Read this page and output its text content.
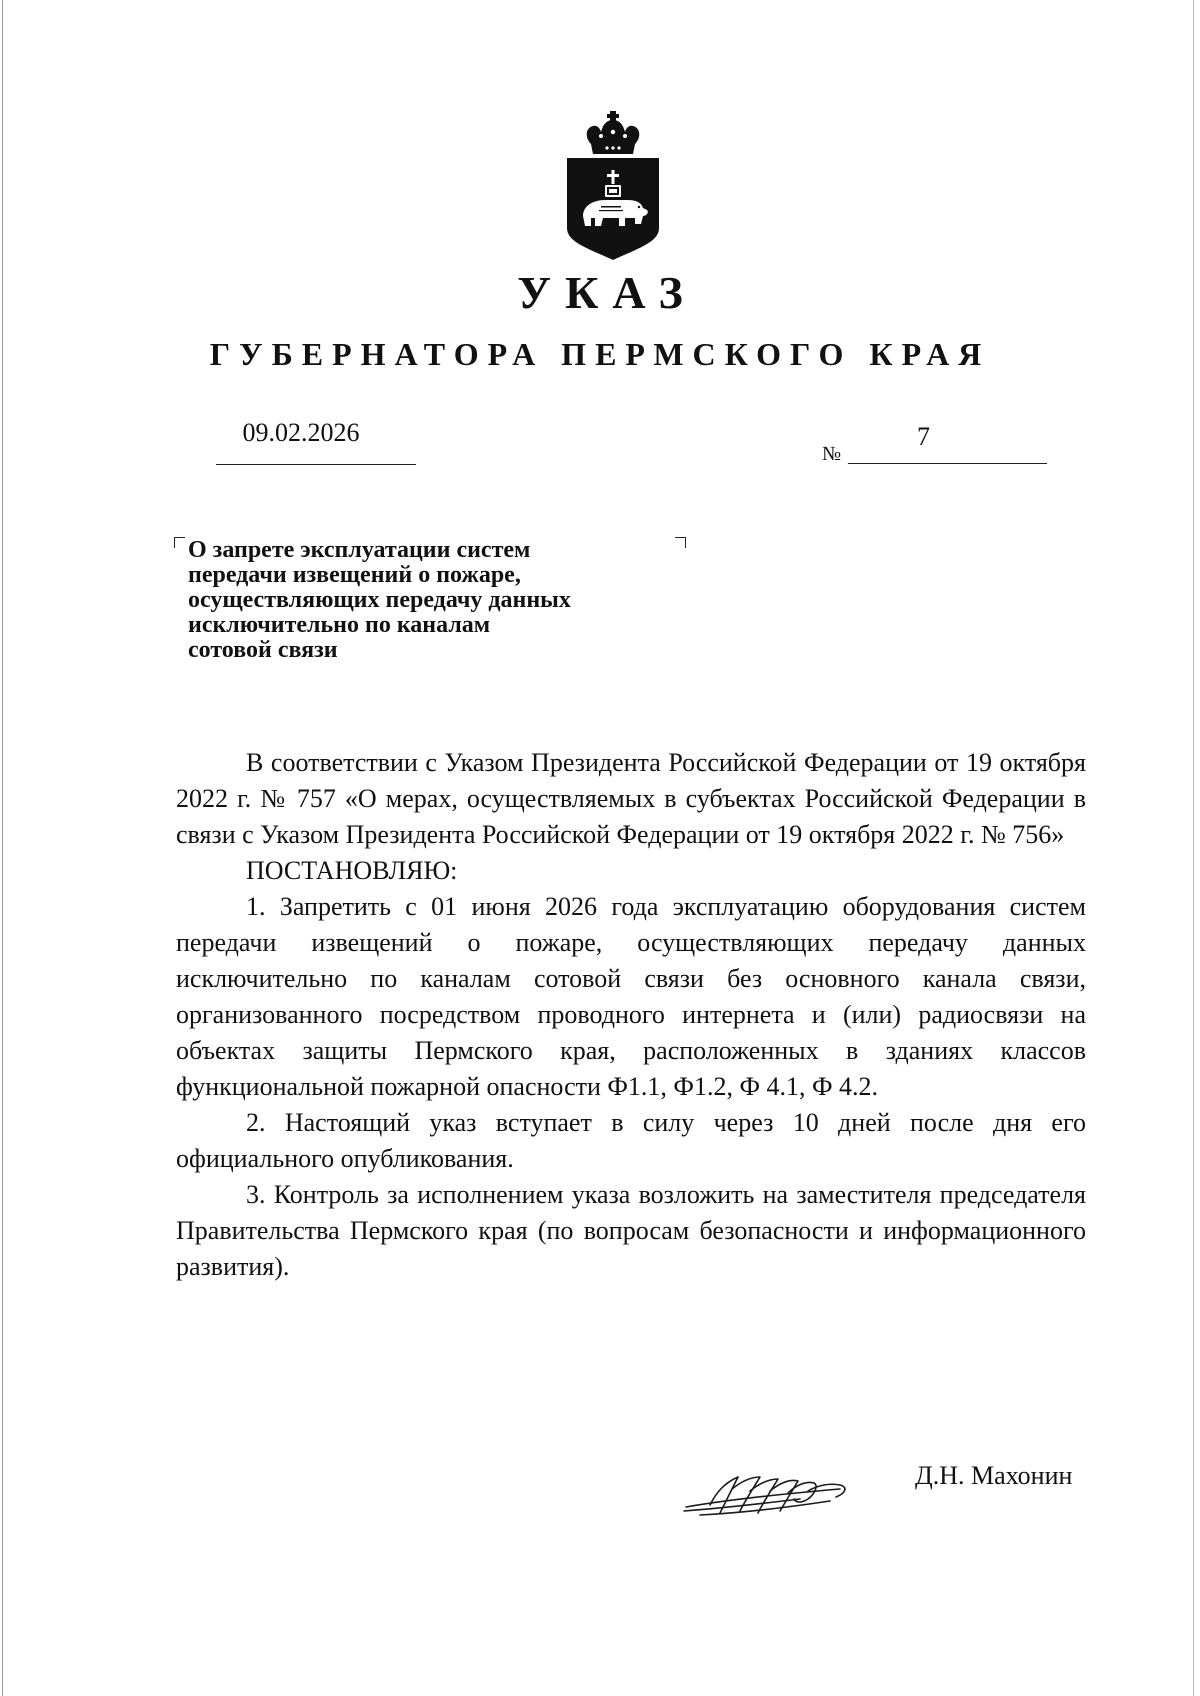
УКАЗ
ГУБЕРНАТОРА ПЕРМСКОГО КРАЯ
09.02.2026
№
7
О запрете эксплуатации систем
передачи извещений о пожаре,
осуществляющих передачу данных
исключительно по каналам
сотовой связи

В соответствии с Указом Президента Российской Федерации от 19 октября 2022 г. № 757 «О мерах, осуществляемых в субъектах Российской Федерации в связи с Указом Президента Российской Федерации от 19 октября 2022 г. № 756»

ПОСТАНОВЛЯЮ:

1. Запретить с 01 июня 2026 года эксплуатацию оборудования систем передачи извещений о пожаре, осуществляющих передачу данных исключительно по каналам сотовой связи без основного канала связи, организованного посредством проводного интернета и (или) радиосвязи на объектах защиты Пермского края, расположенных в зданиях классов функциональной пожарной опасности Ф1.1, Ф1.2, Ф 4.1, Ф 4.2.

2. Настоящий указ вступает в силу через 10 дней после дня его официального опубликования.

3. Контроль за исполнением указа возложить на заместителя председателя Правительства Пермского края (по вопросам безопасности и информационного развития).

Д.Н. Махонин
